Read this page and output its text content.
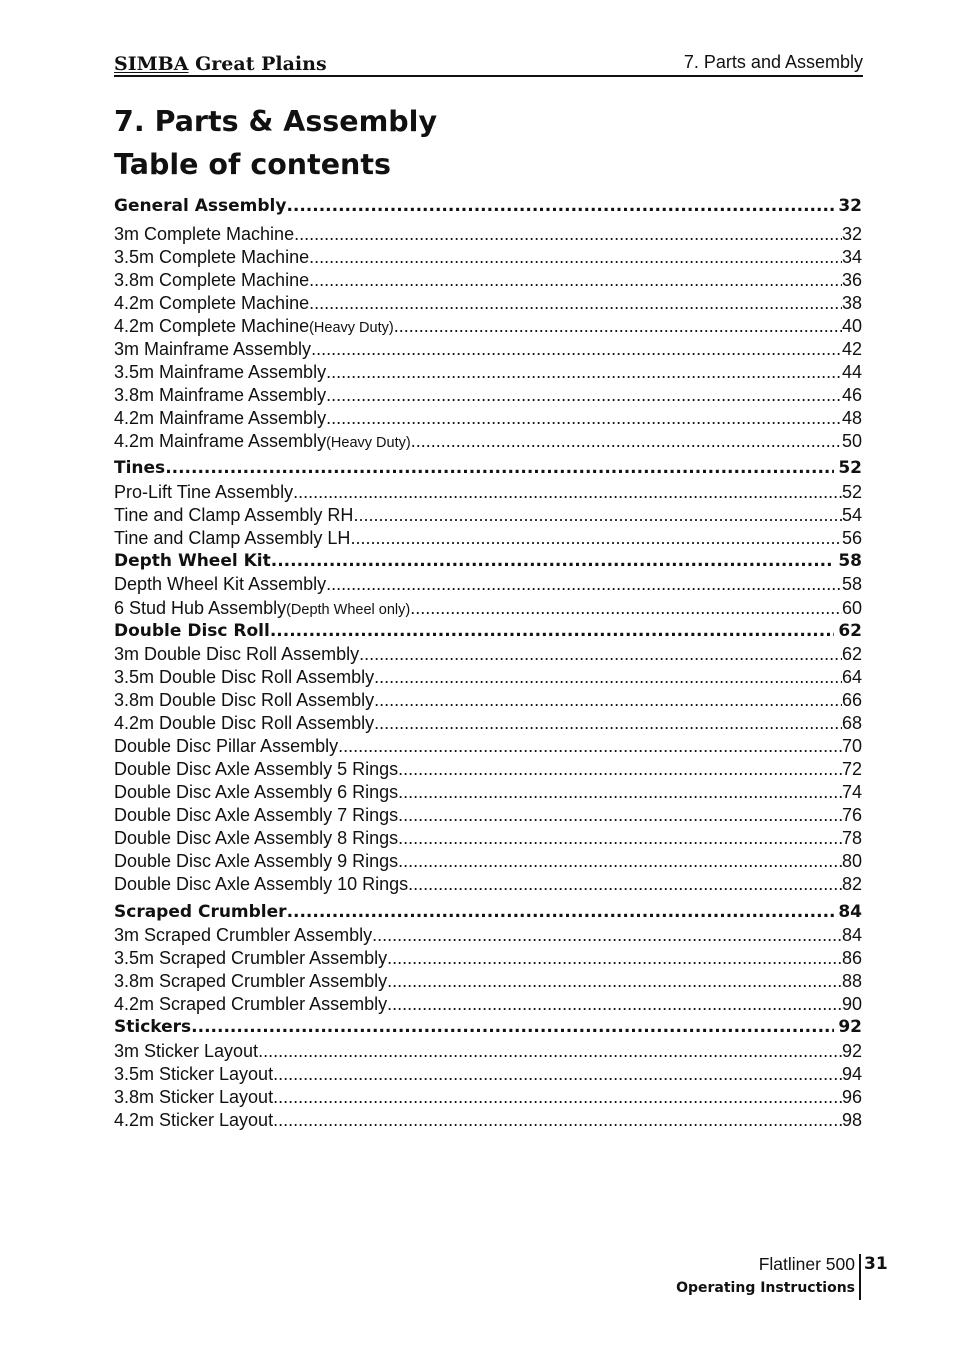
SIMBA Great Plains	7. Parts and Assembly
7. Parts & Assembly
Table of contents
General Assembly .....	32
3m Complete Machine .....	32
3.5m Complete Machine .....	34
3.8m Complete Machine .....	36
4.2m Complete Machine .....	38
4.2m Complete Machine (Heavy Duty) .....	40
3m Mainframe Assembly .....	42
3.5m Mainframe Assembly .....	44
3.8m Mainframe Assembly .....	46
4.2m Mainframe Assembly .....	48
4.2m Mainframe Assembly (Heavy Duty) .....	50
Tines .....	52
Pro-Lift Tine Assembly .....	52
Tine and Clamp Assembly RH .....	54
Tine and Clamp Assembly LH .....	56
Depth Wheel Kit .....	58
Depth Wheel Kit Assembly .....	58
6 Stud Hub Assembly (Depth Wheel only) .....	60
Double Disc Roll .....	62
3m Double Disc Roll Assembly .....	62
3.5m Double Disc Roll Assembly .....	64
3.8m Double Disc Roll Assembly .....	66
4.2m Double Disc Roll Assembly .....	68
Double Disc Pillar Assembly .....	70
Double Disc Axle Assembly 5 Rings .....	72
Double Disc Axle Assembly 6 Rings .....	74
Double Disc Axle Assembly 7 Rings .....	76
Double Disc Axle Assembly 8 Rings .....	78
Double Disc Axle Assembly 9 Rings .....	80
Double Disc Axle Assembly 10 Rings .....	82
Scraped Crumbler .....	84
3m Scraped Crumbler Assembly .....	84
3.5m Scraped Crumbler Assembly .....	86
3.8m Scraped Crumbler Assembly .....	88
4.2m Scraped Crumbler Assembly .....	90
Stickers .....	92
3m Sticker Layout .....	92
3.5m Sticker Layout .....	94
3.8m Sticker Layout .....	96
4.2m Sticker Layout .....	98
Flatliner 500
Operating Instructions
31
